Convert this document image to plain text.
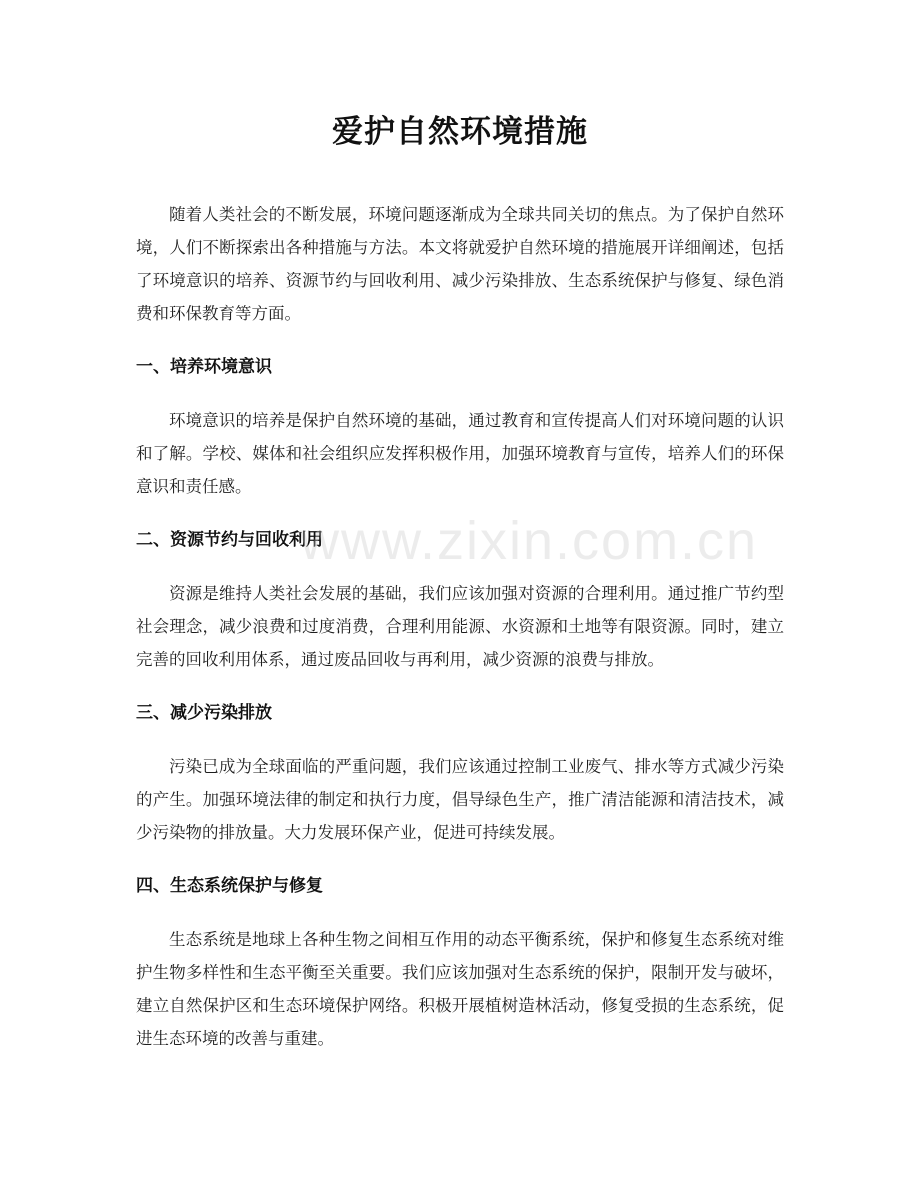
爱护自然环境措施

随着人类社会的不断发展，环境问题逐渐成为全球共同关切的焦点。为了保护自然环境，人们不断探索出各种措施与方法。本文将就爱护自然环境的措施展开详细阐述，包括了环境意识的培养、资源节约与回收利用、减少污染排放、生态系统保护与修复、绿色消费和环保教育等方面。

一、培养环境意识

环境意识的培养是保护自然环境的基础，通过教育和宣传提高人们对环境问题的认识和了解。学校、媒体和社会组织应发挥积极作用，加强环境教育与宣传，培养人们的环保意识和责任感。

二、资源节约与回收利用

资源是维持人类社会发展的基础，我们应该加强对资源的合理利用。通过推广节约型社会理念，减少浪费和过度消费，合理利用能源、水资源和土地等有限资源。同时，建立完善的回收利用体系，通过废品回收与再利用，减少资源的浪费与排放。

三、减少污染排放

污染已成为全球面临的严重问题，我们应该通过控制工业废气、排水等方式减少污染的产生。加强环境法律的制定和执行力度，倡导绿色生产，推广清洁能源和清洁技术，减少污染物的排放量。大力发展环保产业，促进可持续发展。

四、生态系统保护与修复

生态系统是地球上各种生物之间相互作用的动态平衡系统，保护和修复生态系统对维护生物多样性和生态平衡至关重要。我们应该加强对生态系统的保护，限制开发与破坏，建立自然保护区和生态环境保护网络。积极开展植树造林活动，修复受损的生态系统，促进生态环境的改善与重建。

www.zixin.com.cn
